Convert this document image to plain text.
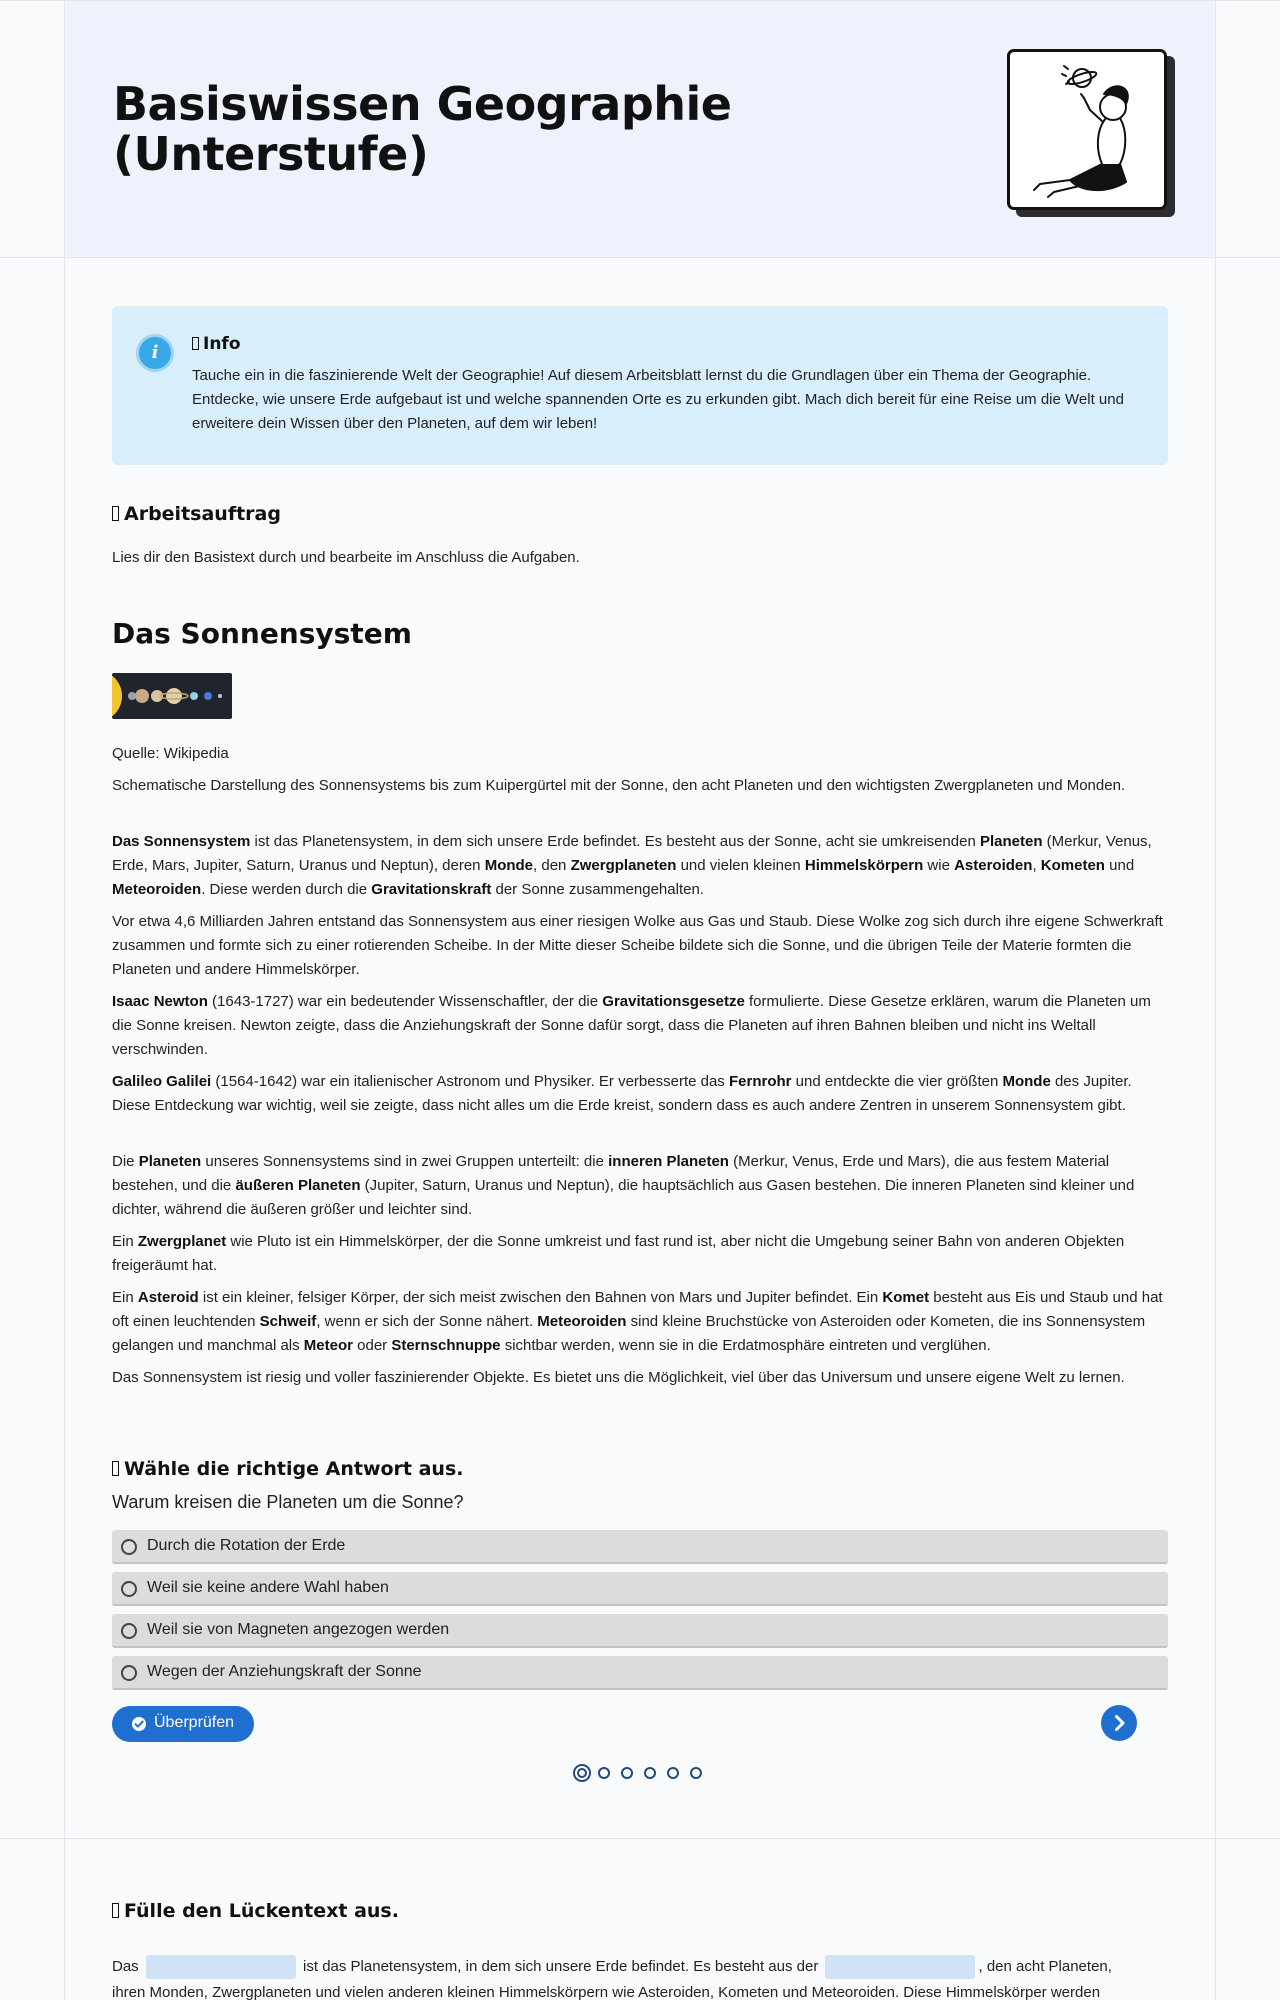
Basiswissen Geographie (Unterstufe)
i	Info

Tauche ein in die faszinierende Welt der Geographie! Auf diesem Arbeitsblatt lernst du die Grundlagen über ein Thema der Geographie. Entdecke, wie unsere Erde aufgebaut ist und welche spannenden Orte es zu erkunden gibt. Mach dich bereit für eine Reise um die Welt und erweitere dein Wissen über den Planeten, auf dem wir leben!

Arbeitsauftrag

Lies dir den Basistext durch und bearbeite im Anschluss die Aufgaben.

Das Sonnensystem

Quelle: Wikipedia

Schematische Darstellung des Sonnensystems bis zum Kuipergürtel mit der Sonne, den acht Planeten und den wichtigsten Zwergplaneten und Monden.

Das Sonnensystem ist das Planetensystem, in dem sich unsere Erde befindet. Es besteht aus der Sonne, acht sie umkreisenden Planeten (Merkur, Venus, Erde, Mars, Jupiter, Saturn, Uranus und Neptun), deren Monde, den Zwergplaneten und vielen kleinen Himmelskörpern wie Asteroiden, Kometen und Meteoroiden. Diese werden durch die Gravitationskraft der Sonne zusammengehalten.

Vor etwa 4,6 Milliarden Jahren entstand das Sonnensystem aus einer riesigen Wolke aus Gas und Staub. Diese Wolke zog sich durch ihre eigene Schwerkraft zusammen und formte sich zu einer rotierenden Scheibe. In der Mitte dieser Scheibe bildete sich die Sonne, und die übrigen Teile der Materie formten die Planeten und andere Himmelskörper.

Isaac Newton (1643-1727) war ein bedeutender Wissenschaftler, der die Gravitationsgesetze formulierte. Diese Gesetze erklären, warum die Planeten um die Sonne kreisen. Newton zeigte, dass die Anziehungskraft der Sonne dafür sorgt, dass die Planeten auf ihren Bahnen bleiben und nicht ins Weltall verschwinden.

Galileo Galilei (1564-1642) war ein italienischer Astronom und Physiker. Er verbesserte das Fernrohr und entdeckte die vier größten Monde des Jupiter. Diese Entdeckung war wichtig, weil sie zeigte, dass nicht alles um die Erde kreist, sondern dass es auch andere Zentren in unserem Sonnensystem gibt.

Die Planeten unseres Sonnensystems sind in zwei Gruppen unterteilt: die inneren Planeten (Merkur, Venus, Erde und Mars), die aus festem Material bestehen, und die äußeren Planeten (Jupiter, Saturn, Uranus und Neptun), die hauptsächlich aus Gasen bestehen. Die inneren Planeten sind kleiner und dichter, während die äußeren größer und leichter sind.

Ein Zwergplanet wie Pluto ist ein Himmelskörper, der die Sonne umkreist und fast rund ist, aber nicht die Umgebung seiner Bahn von anderen Objekten freigeräumt hat.

Ein Asteroid ist ein kleiner, felsiger Körper, der sich meist zwischen den Bahnen von Mars und Jupiter befindet. Ein Komet besteht aus Eis und Staub und hat oft einen leuchtenden Schweif, wenn er sich der Sonne nähert. Meteoroiden sind kleine Bruchstücke von Asteroiden oder Kometen, die ins Sonnensystem gelangen und manchmal als Meteor oder Sternschnuppe sichtbar werden, wenn sie in die Erdatmosphäre eintreten und verglühen.

Das Sonnensystem ist riesig und voller faszinierender Objekte. Es bietet uns die Möglichkeit, viel über das Universum und unsere eigene Welt zu lernen.

Wähle die richtige Antwort aus.

Warum kreisen die Planeten um die Sonne?

Durch die Rotation der Erde
Weil sie keine andere Wahl haben
Weil sie von Magneten angezogen werden
Wegen der Anziehungskraft der Sonne
Überprüfen
Fülle den Lückentext aus.
Das	ist das Planetensystem, in dem sich unsere Erde befindet. Es besteht aus der	, den acht Planeten,
ihren Monden, Zwergplaneten und vielen anderen kleinen Himmelskörpern wie Asteroiden, Kometen und Meteoroiden. Diese Himmelskörper werden
